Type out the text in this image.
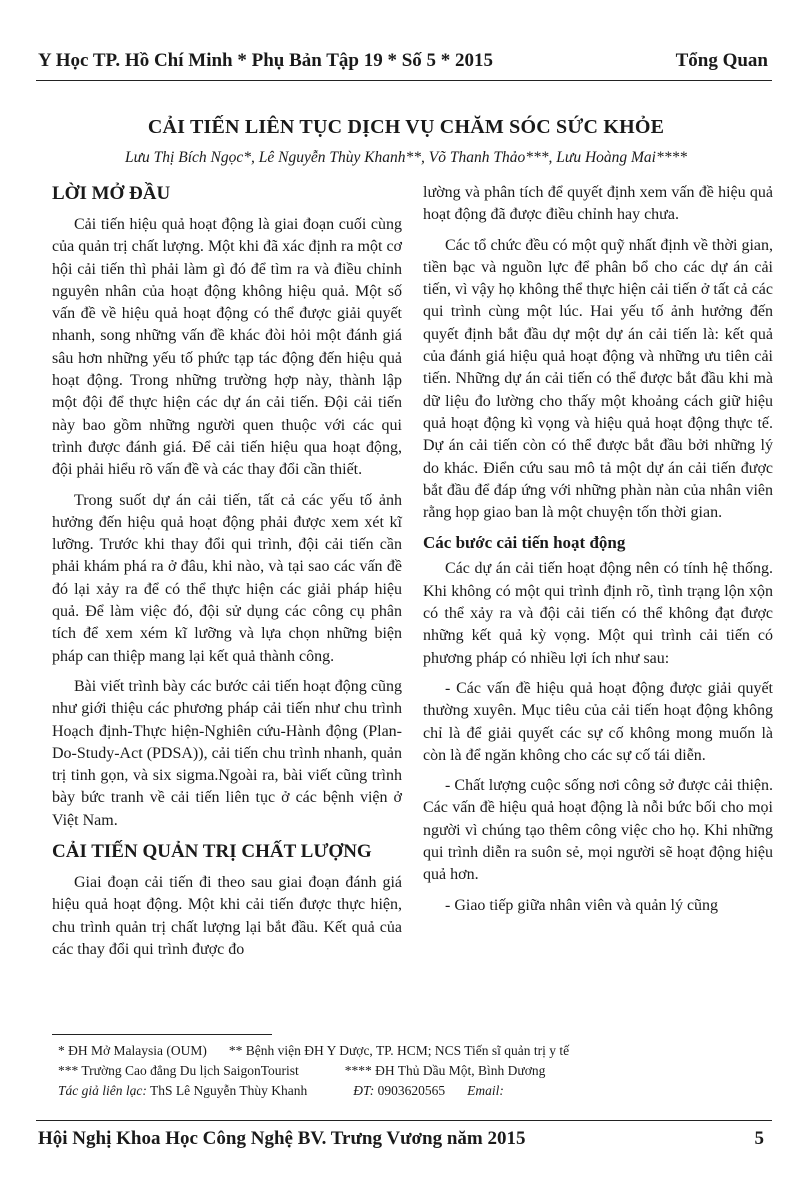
Y Học TP. Hồ Chí Minh * Phụ Bản Tập 19 * Số 5 * 2015	Tổng Quan
CẢI TIẾN LIÊN TỤC DỊCH VỤ CHĂM SÓC SỨC KHỎE
Lưu Thị Bích Ngọc*, Lê Nguyễn Thùy Khanh**, Võ Thanh Thảo***, Lưu Hoàng Mai****
LỜI MỞ ĐẦU

Cải tiến hiệu quả hoạt động là giai đoạn cuối cùng của quản trị chất lượng. Một khi đã xác định ra một cơ hội cải tiến thì phải làm gì đó để tìm ra và điều chỉnh nguyên nhân của hoạt động không hiệu quả. Một số vấn đề về hiệu quả hoạt động có thể được giải quyết nhanh, song những vấn đề khác đòi hỏi một đánh giá sâu hơn những yếu tố phức tạp tác động đến hiệu quả hoạt động. Trong những trường hợp này, thành lập một đội để thực hiện các dự án cải tiến. Đội cải tiến này bao gồm những người quen thuộc với các qui trình được đánh giá. Để cải tiến hiệu qua hoạt động, đội phải hiểu rõ vấn đề và các thay đổi cần thiết.

Trong suốt dự án cải tiến, tất cả các yếu tố ảnh hưởng đến hiệu quả hoạt động phải được xem xét kĩ lưỡng. Trước khi thay đổi qui trình, đội cải tiến cần phải khám phá ra ở đâu, khi nào, và tại sao các vấn đề đó lại xảy ra để có thể thực hiện các giải pháp hiệu quả. Để làm việc đó, đội sử dụng các công cụ phân tích để xem xém kĩ lưỡng và lựa chọn những biện pháp can thiệp mang lại kết quả thành công.

Bài viết trình bày các bước cải tiến hoạt động cũng như giới thiệu các phương pháp cải tiến như chu trình Hoạch định-Thực hiện-Nghiên cứu-Hành động (Plan-Do-Study-Act (PDSA)), cải tiến chu trình nhanh, quản trị tinh gọn, và six sigma.Ngoài ra, bài viết cũng trình bày bức tranh về cải tiến liên tục ở các bệnh viện ở Việt Nam.

CẢI TIẾN QUẢN TRỊ CHẤT LƯỢNG

Giai đoạn cải tiến đi theo sau giai đoạn đánh giá hiệu quả hoạt động. Một khi cải tiến được thực hiện, chu trình quản trị chất lượng lại bắt đầu. Kết quả của các thay đổi qui trình được đo

lường và phân tích để quyết định xem vấn đề hiệu quả hoạt động đã được điều chỉnh hay chưa.

Các tổ chức đều có một quỹ nhất định về thời gian, tiền bạc và nguồn lực để phân bổ cho các dự án cải tiến, vì vậy họ không thể thực hiện cải tiến ở tất cả các qui trình cùng một lúc. Hai yếu tố ảnh hưởng đến quyết định bắt đầu dự một dự án cải tiến là: kết quả của đánh giá hiệu quả hoạt động và những ưu tiên cải tiến. Những dự án cải tiến có thể được bắt đầu khi mà dữ liệu đo lường cho thấy một khoảng cách giữ hiệu quả hoạt động kì vọng và hiệu quả hoạt động thực tế. Dự án cải tiến còn có thể được bắt đầu bởi những lý do khác. Điển cứu sau mô tả một dự án cải tiến được bắt đầu để đáp ứng với những phàn nàn của nhân viên rằng họp giao ban là một chuyện tốn thời gian.

Các bước cải tiến hoạt động

Các dự án cải tiến hoạt động nên có tính hệ thống. Khi không có một qui trình định rõ, tình trạng lộn xộn có thể xảy ra và đội cải tiến có thể không đạt được những kết quả kỳ vọng. Một qui trình cải tiến có phương pháp có nhiều lợi ích như sau:

- Các vấn đề hiệu quả hoạt động được giải quyết thường xuyên. Mục tiêu của cải tiến hoạt động không chỉ là để giải quyết các sự cố không mong muốn là còn là để ngăn không cho các sự cố tái diễn.

- Chất lượng cuộc sống nơi công sở được cải thiện. Các vấn đề hiệu quả hoạt động là nỗi bức bối cho mọi người vì chúng tạo thêm công việc cho họ. Khi những qui trình diễn ra suôn sẻ, mọi người sẽ hoạt động hiệu quả hơn.

- Giao tiếp giữa nhân viên và quản lý cũng

* ĐH Mở Malaysia (OUM) ** Bệnh viện ĐH Y Dược, TP. HCM; NCS Tiến sĩ quản trị y tế
*** Trường Cao đẳng Du lịch SaigonTourist	**** ĐH Thủ Dầu Một, Bình Dương
Tác giả liên lạc: ThS Lê Nguyễn Thùy Khanh	ĐT: 0903620565 Email:
Hội Nghị Khoa Học Công Nghệ BV. Trưng Vương năm 2015	5
